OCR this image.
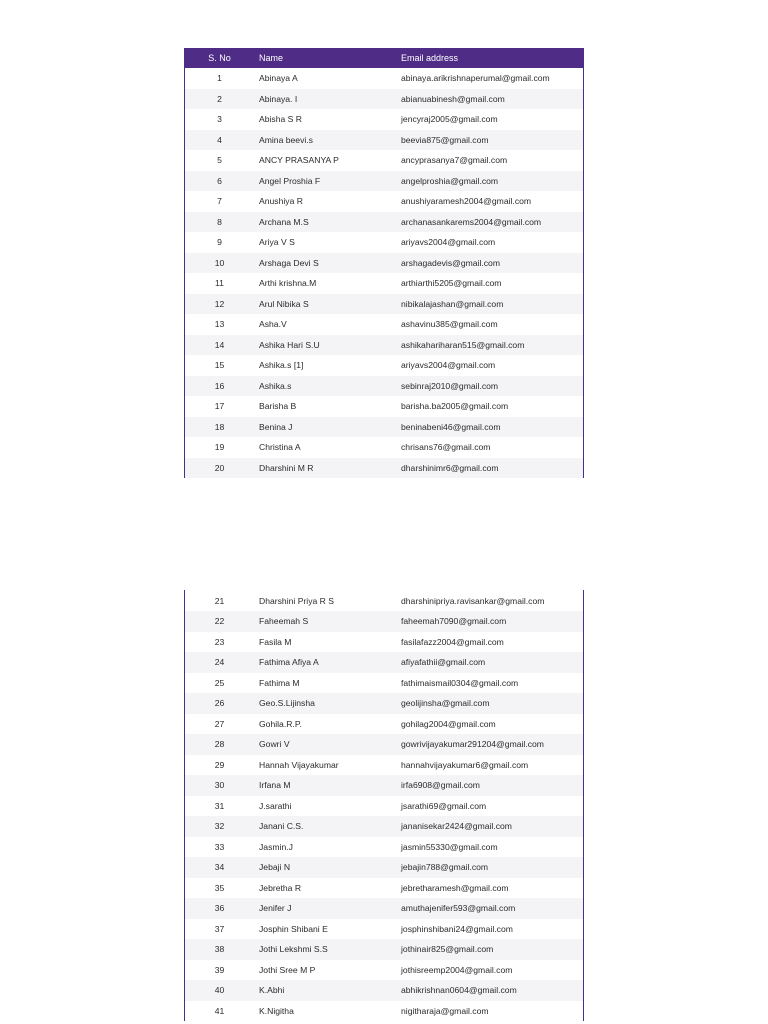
S. No	Name	Email address
1	Abinaya A	abinaya.arikrishnaperumal@gmail.com
2	Abinaya. I	abianuabinesh@gmail.com
3	Abisha S R	jencyraj2005@gmail.com
4	Amina beevi.s	beevia875@gmail.com
5	ANCY PRASANYA P	ancyprasanya7@gmail.com
6	Angel Proshia F	angelproshia@gmail.com
7	Anushiya R	anushiyaramesh2004@gmail.com
8	Archana M.S	archanasankarems2004@gmail.com
9	Ariya V S	ariyavs2004@gmail.com
10	Arshaga Devi S	arshagadevis@gmail.com
11	Arthi krishna.M	arthiarthi5205@gmail.com
12	Arul Nibika S	nibikalajashan@gmail.com
13	Asha.V	ashavinu385@gmail.com
14	Ashika Hari S.U	ashikahariharan515@gmail.com
15	Ashika.s [1]	ariyavs2004@gmail.com
16	Ashika.s	sebinraj2010@gmail.com
17	Barisha B	barisha.ba2005@gmail.com
18	Benina J	beninabeni46@gmail.com
19	Christina A	chrisans76@gmail.com
20	Dharshini M R	dharshinimr6@gmail.com
21	Dharshini Priya R S	dharshinipriya.ravisankar@gmail.com
22	Faheemah S	faheemah7090@gmail.com
23	Fasila M	fasilafazz2004@gmail.com
24	Fathima Afiya A	afiyafathii@gmail.com
25	Fathima M	fathimaismail0304@gmail.com
26	Geo.S.Lijinsha	geolijinsha@gmail.com
27	Gohila.R.P.	gohilag2004@gmail.com
28	Gowri V	gowrivijayakumar291204@gmail.com
29	Hannah Vijayakumar	hannahvijayakumar6@gmail.com
30	Irfana M	irfa6908@gmail.com
31	J.sarathi	jsarathi69@gmail.com
32	Janani C.S.	jananisekar2424@gmail.com
33	Jasmin.J	jasmin55330@gmail.com
34	Jebaji N	jebajin788@gmail.com
35	Jebretha R	jebretharamesh@gmail.com
36	Jenifer J	amuthajenifer593@gmail.com
37	Josphin Shibani E	josphinshibani24@gmail.com
38	Jothi Lekshmi S.S	jothinair825@gmail.com
39	Jothi Sree M P	jothisreemp2004@gmail.com
40	K.Abhi	abhikrishnan0604@gmail.com
41	K.Nigitha	nigitharaja@gmail.com
